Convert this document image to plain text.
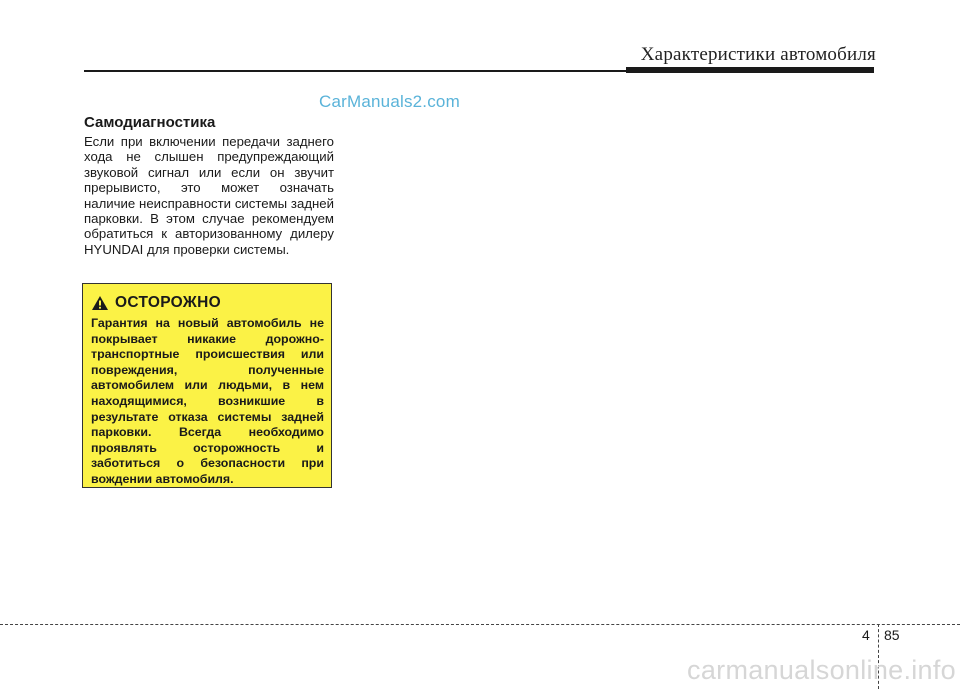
Характеристики автомобиля
CarManuals2.com
Самодиагностика
Если при включении передачи заднего хода не слышен предупреждающий звуковой сигнал или если он звучит прерывисто, это может означать наличие неисправности системы задней парковки. В этом случае рекомендуем обратиться к авторизованному дилеру HYUNDAI для проверки системы.
ОСТОРОЖНО
Гарантия на новый автомобиль не покрывает никакие дорожно-транспортные происшествия или повреждения, полученные автомобилем или людьми, в нем находящимися, возникшие в результате отказа системы задней парковки. Всегда необходимо проявлять осторожность и заботиться о безопасности при вождении автомобиля.
4 85
carmanualsonline.info
